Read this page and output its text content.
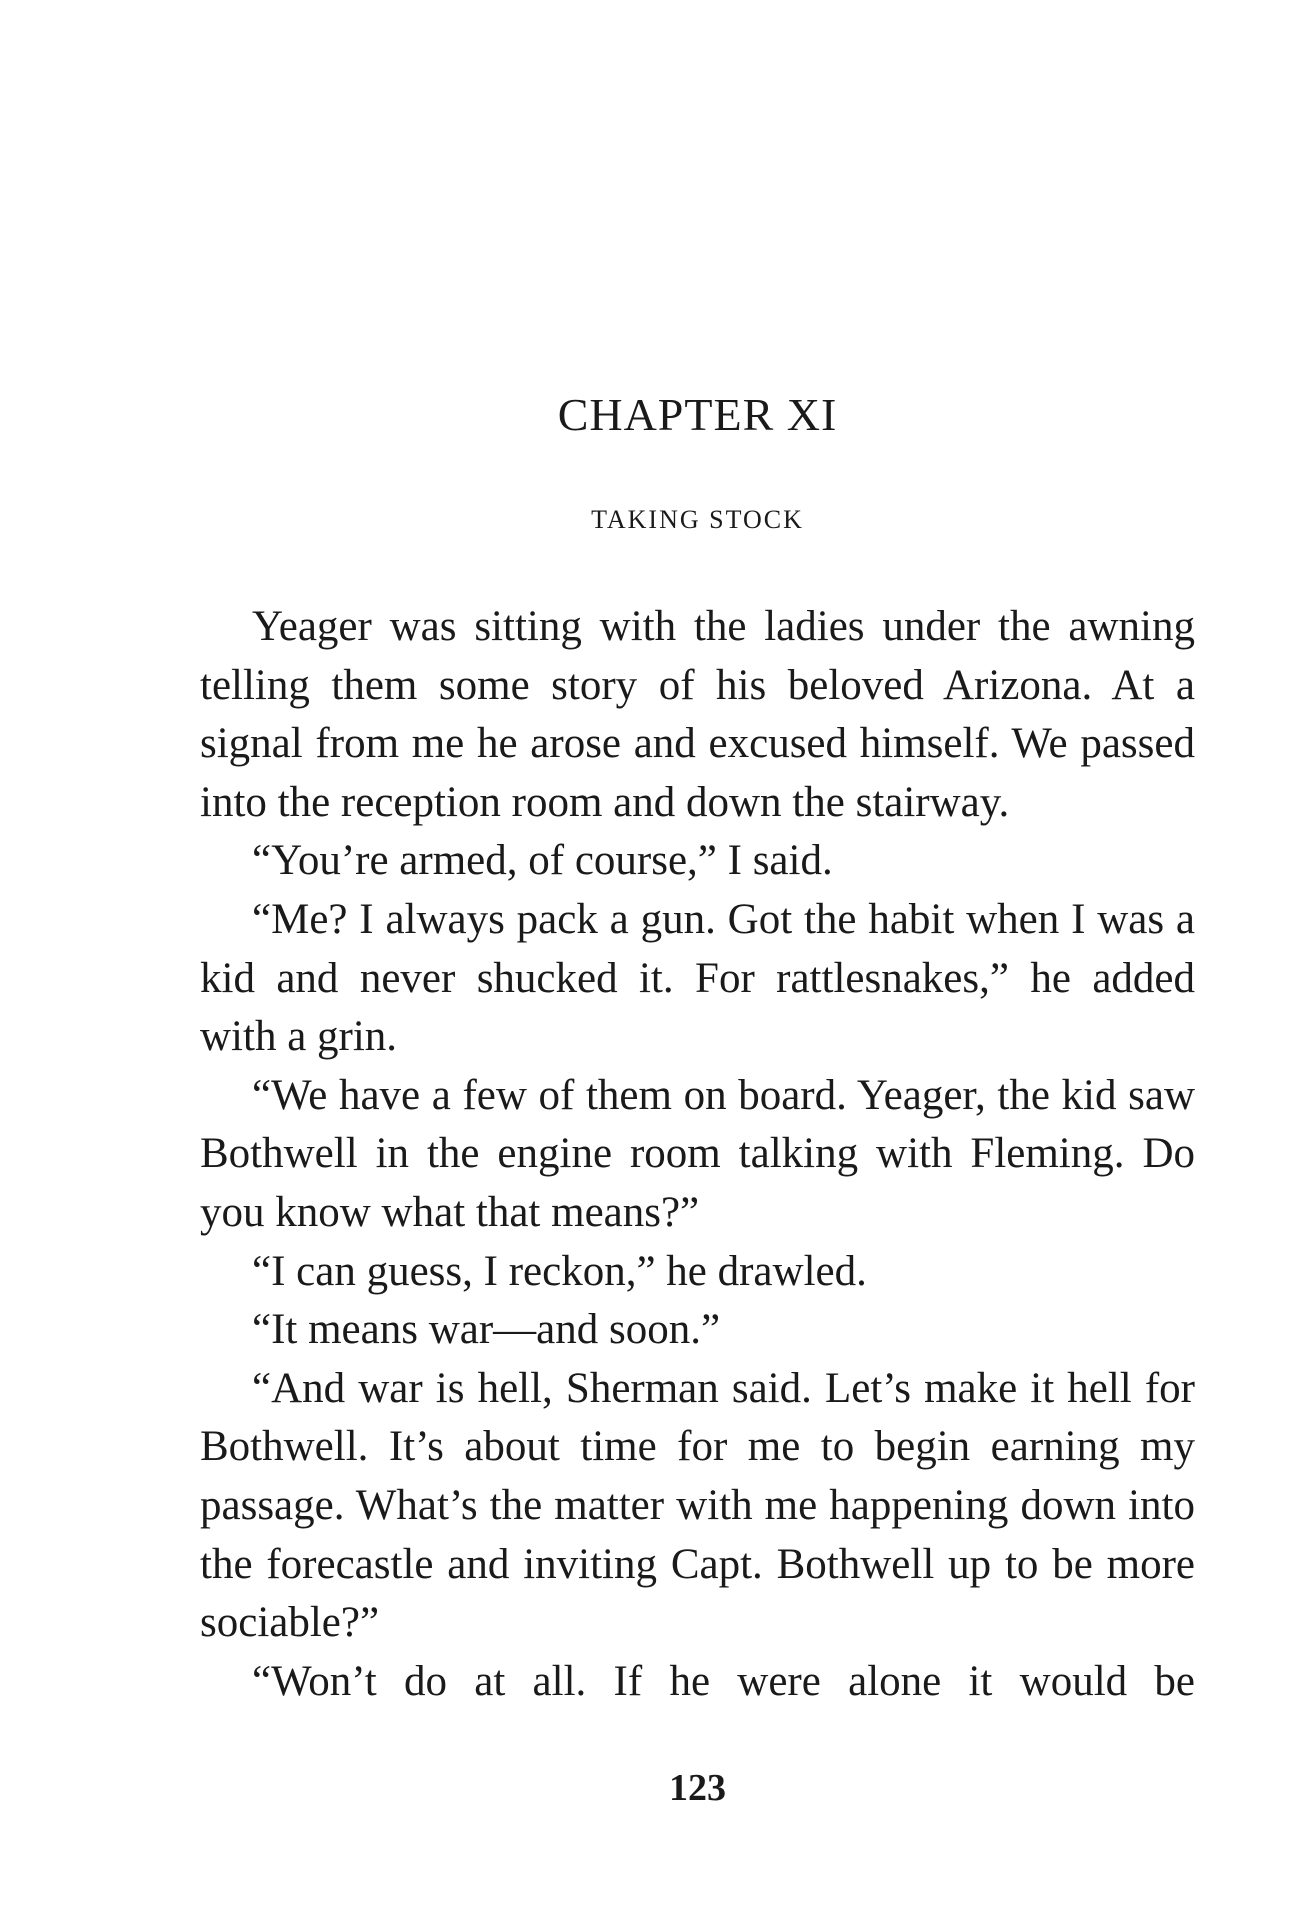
CHAPTER XI
TAKING STOCK

Yeager was sitting with the ladies under the awning telling them some story of his beloved Arizona. At a signal from me he arose and excused himself. We passed into the reception room and down the stairway.

“You’re armed, of course,” I said.

“Me? I always pack a gun. Got the habit when I was a kid and never shucked it. For rattlesnakes,” he added with a grin.

“We have a few of them on board. Yeager, the kid saw Bothwell in the engine room talking with Fleming. Do you know what that means?”

“I can guess, I reckon,” he drawled.

“It means war—and soon.”

“And war is hell, Sherman said. Let’s make it hell for Bothwell. It’s about time for me to begin earning my passage. What’s the matter with me happening down into the forecastle and inviting Capt. Bothwell up to be more sociable?”

“Won’t do at all. If he were alone it would be

123
